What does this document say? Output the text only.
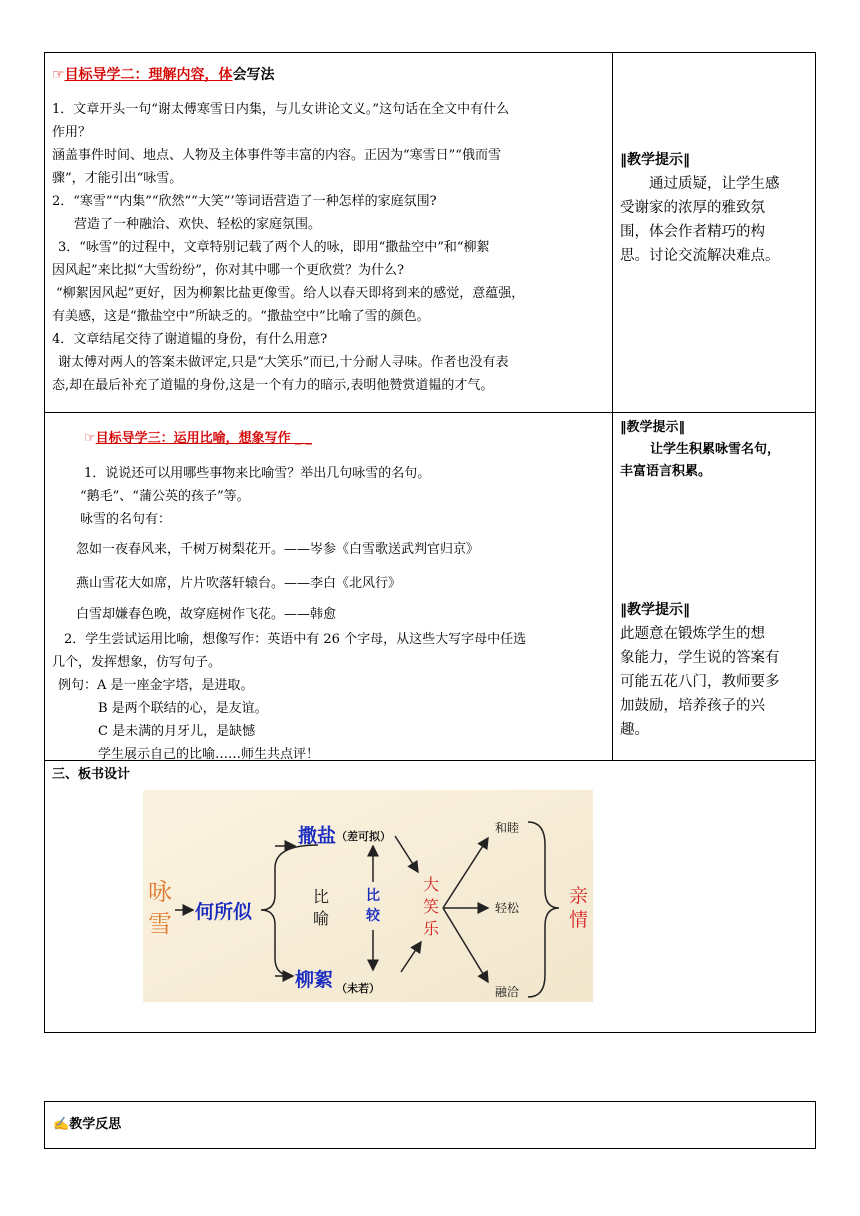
☞目标导学二：理解内容，体会写法
1．文章开头一句“谢太傅寒雪日内集，与儿女讲论文义。”这句话在全文中有什么
作用？
涵盖事件时间、地点、人物及主体事件等丰富的内容。正因为“寒雪日”“俄而雪
骤”，才能引出“咏雪。
2．“寒雪”“内集”“欣然”“大笑”’等词语营造了一种怎样的家庭氛围?
营造了一种融洽、欢快、轻松的家庭氛围。
3．“咏雪”的过程中，文章特别记载了两个人的咏，即用“撒盐空中”和“柳絮
因风起”来比拟“大雪纷纷”，你对其中哪一个更欣赏？为什么?
“柳絮因风起”更好，因为柳絮比盐更像雪。给人以春天即将到来的感觉，意蕴强，
有美感，这是“撒盐空中”所缺乏的。“撒盐空中”比喻了雪的颜色。
4．文章结尾交待了谢道韫的身份，有什么用意?
谢太傅对两人的答案未做评定,只是“大笑乐”而已,十分耐人寻味。作者也没有表
态,却在最后补充了道韫的身份,这是一个有力的暗示,表明他赞赏道韫的才气。
‖教学提示‖
通过质疑，让学生感
受谢家的浓厚的雅致氛
围，体会作者精巧的构
思。讨论交流解决难点。
☞目标导学三：运用比喻，想象写作 _ _
1．说说还可以用哪些事物来比喻雪？举出几句咏雪的名句。
“鹅毛”、“蒲公英的孩子”等。
咏雪的名句有：
忽如一夜春风来，千树万树梨花开。——岑参《白雪歌送武判官归京》
燕山雪花大如席，片片吹落轩辕台。——李白《北风行》
白雪却嫌春色晚，故穿庭树作飞花。——韩愈
2．学生尝试运用比喻，想像写作：英语中有 26 个字母，从这些大写字母中任选
几个，发挥想象，仿写句子。
例句：A 是一座金字塔，是进取。
B 是两个联结的心，是友谊。
C 是未满的月牙儿，是缺憾
学生展示自己的比喻……师生共点评！
‖教学提示‖
让学生积累咏雪名句，
丰富语言积累。
‖教学提示‖
此题意在锻炼学生的想
象能力，学生说的答案有
可能五花八门，教师要多
加鼓励，培养孩子的兴
趣。
三、板书设计
咏
雪 何所似
撒盐 （差可拟）
柳絮 （未若）
比
喻
比
较
大
笑
乐
和睦
轻松
融洽
亲
情
✍教学反思
